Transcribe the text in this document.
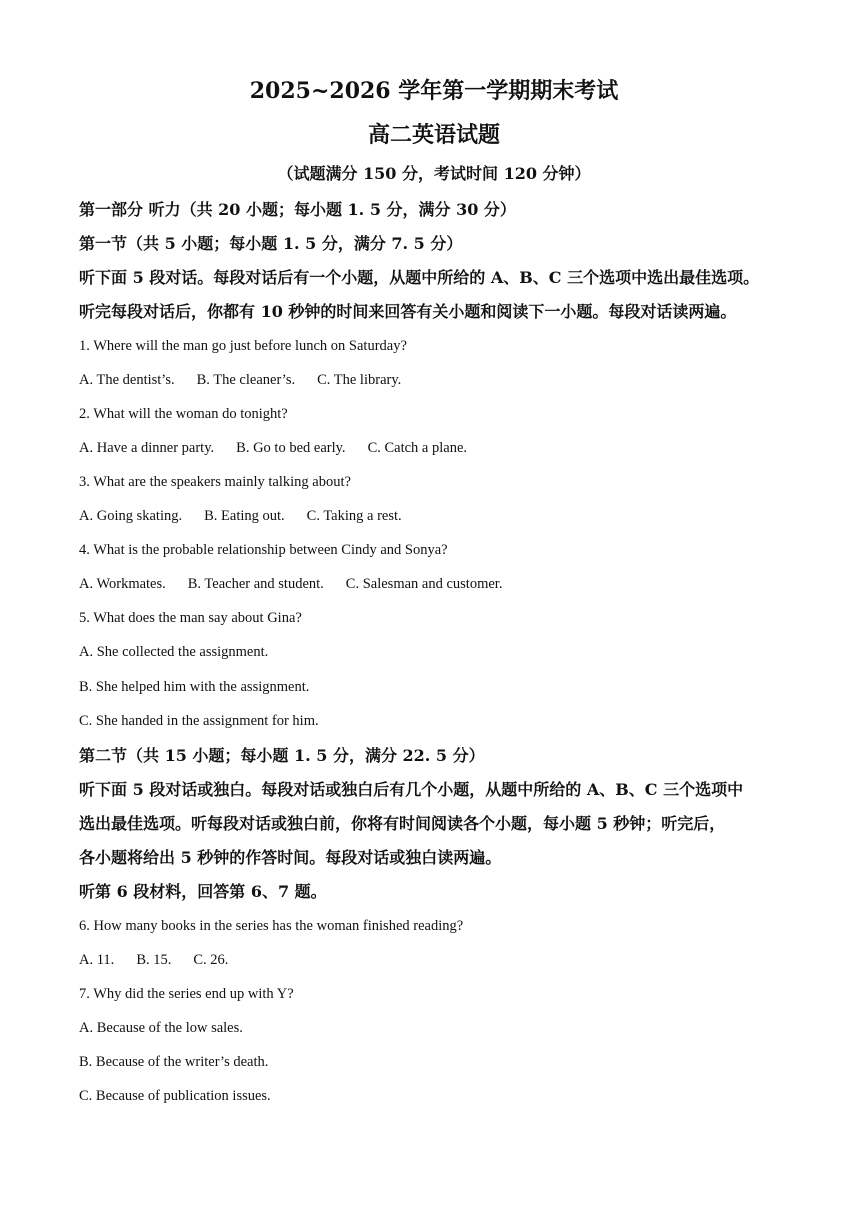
2025~2026 学年第一学期期末考试
高二英语试题
（试题满分 150 分，考试时间 120 分钟）
第一部分 听力（共 20 小题；每小题 1. 5 分，满分 30 分）
第一节（共 5 小题；每小题 1. 5 分，满分 7. 5 分）
听下面 5 段对话。每段对话后有一个小题，从题中所给的 A、B、C 三个选项中选出最佳选项。
听完每段对话后，你都有 10 秒钟的时间来回答有关小题和阅读下一小题。每段对话读两遍。
1. Where will the man go just before lunch on Saturday?
A. The dentist’s. B. The cleaner’s. C. The library.
2. What will the woman do tonight?
A. Have a dinner party. B. Go to bed early. C. Catch a plane.
3. What are the speakers mainly talking about?
A. Going skating. B. Eating out. C. Taking a rest.
4. What is the probable relationship between Cindy and Sonya?
A. Workmates. B. Teacher and student. C. Salesman and customer.
5. What does the man say about Gina?
A. She collected the assignment.
B. She helped him with the assignment.
C. She handed in the assignment for him.
第二节（共 15 小题；每小题 1. 5 分，满分 22. 5 分）
听下面 5 段对话或独白。每段对话或独白后有几个小题，从题中所给的 A、B、C 三个选项中
选出最佳选项。听每段对话或独白前，你将有时间阅读各个小题，每小题 5 秒钟；听完后，
各小题将给出 5 秒钟的作答时间。每段对话或独白读两遍。
听第 6 段材料，回答第 6、7 题。
6. How many books in the series has the woman finished reading?
A. 11. B. 15. C. 26.
7. Why did the series end up with Y?
A. Because of the low sales.
B. Because of the writer’s death.
C. Because of publication issues.
